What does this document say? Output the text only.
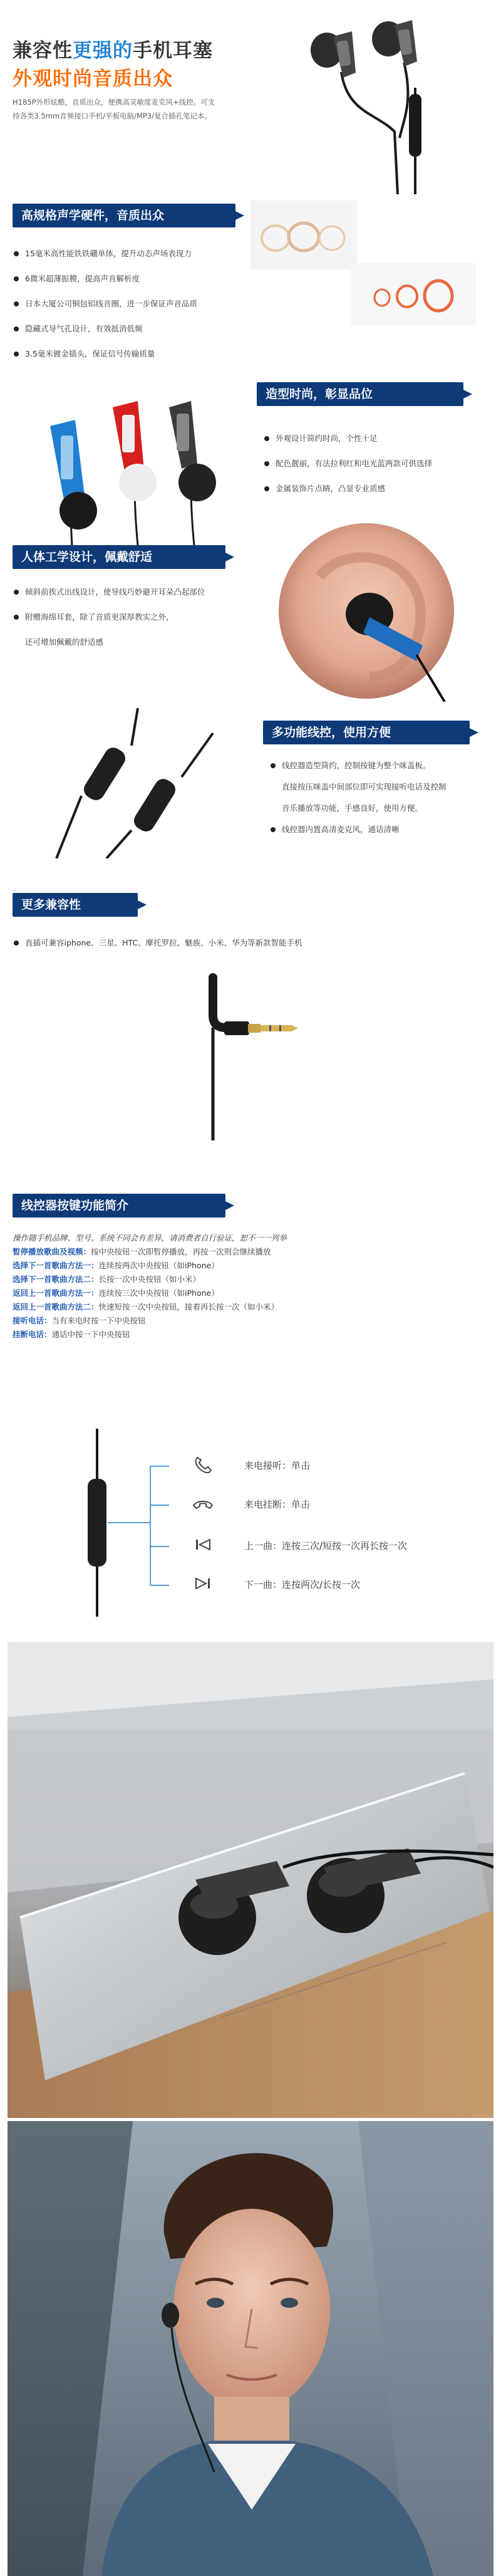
兼容性更强的手机耳塞
外观时尚音质出众
H185P外形炫酷，音质出众，便携高灵敏度麦克风+线控。可支持各类3.5mm音频接口手机/平板电脑/MP3/复合插孔笔记本。
高规格声学硬件，音质出众
15毫米高性能铁铁硼单体，提升动态声场表现力
6微米超薄振膜，提高声音解析度
日本大厦公司铜包铝线音圈，进一步保证声音品质
隐藏式导气孔设计，有效抵消低频
3.5毫米镀金插头，保证信号传输质量
造型时尚，彰显品位
外观设计简约时尚，个性十足
配色靓丽，有法拉利红和电光蓝两款可供选择
金属装饰片点睛，凸显专业质感
人体工学设计，佩戴舒适
倾斜前挨式出线设计，使导线巧妙避开耳朵凸起部位
附赠海绵耳套，除了音质更深厚教实之外，
还可增加佩戴的舒适感
多功能线控，使用方便
线控器造型简约，控制按键为整个咪盖板。
直接按压咪盖中间部位即可实现接听电话及控制
音乐播放等功能，手感良好，使用方便。
线控器内置高清麦克风，通话清晰
更多兼容性
直插可兼容iphone、三星、HTC、摩托罗拉、魅族、小米、华为等新款智能手机
线控器按键功能简介
操作随手机品牌、型号、系统不同会有差异，请消费者自行验证，恕不一一列举
暂停播放歌曲及视频：按中央按钮一次即暂停播放，再按一次则会继续播放
选择下一首歌曲方法一：连续按两次中央按钮（如iPhone）
选择下一首歌曲方法二：长按一次中央按钮（如小米）
返回上一首歌曲方法一：连续按三次中央按钮（如iPhone）
返回上一首歌曲方法二：快速短按一次中央按钮，接着再长按一次（如小米）
接听电话：当有来电时按一下中央按钮
挂断电话：通话中按一下中央按钮
来电接听：单击
来电挂断：单击
上一曲：连按三次/短按一次再长按一次
下一曲：连按两次/长按一次
